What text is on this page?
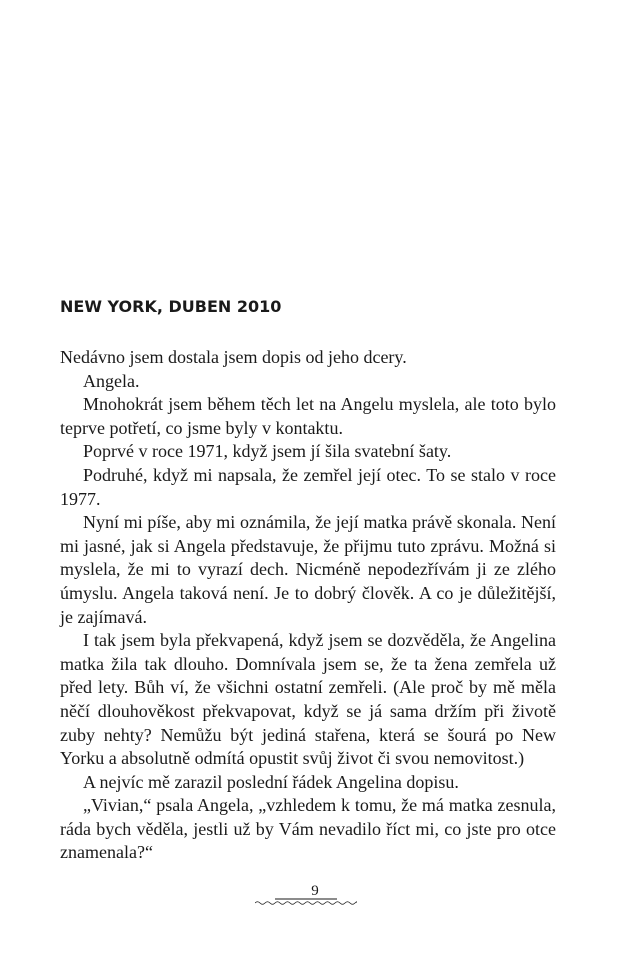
NEW YORK, DUBEN 2010

Nedávno jsem dostala jsem dopis od jeho dcery.

Angela.

Mnohokrát jsem během těch let na Angelu myslela, ale toto bylo teprve potřetí, co jsme byly v kontaktu.

Poprvé v roce 1971, když jsem jí šila svatební šaty.

Podruhé, když mi napsala, že zemřel její otec. To se stalo v roce 1977.

Nyní mi píše, aby mi oznámila, že její matka právě skonala. Není mi jasné, jak si Angela představuje, že přijmu tuto zprávu. Možná si myslela, že mi to vyrazí dech. Nicméně nepodezřívám ji ze zlého úmyslu. Angela taková není. Je to dobrý člověk. A co je důležitější, je zajímavá.

I tak jsem byla překvapená, když jsem se dozvěděla, že Angelina matka žila tak dlouho. Domnívala jsem se, že ta žena zemřela už před lety. Bůh ví, že všichni ostatní zemřeli. (Ale proč by mě měla něčí dlouhověkost překvapovat, když se já sama držím při životě zuby nehty? Nemůžu být jediná stařena, která se šourá po New Yorku a absolutně odmítá opustit svůj život či svou nemovitost.)

A nejvíc mě zarazil poslední řádek Angelina dopisu.

„Vivian,“ psala Angela, „vzhledem k tomu, že má matka zesnula, ráda bych věděla, jestli už by Vám nevadilo říct mi, co jste pro otce znamenala?“

9
